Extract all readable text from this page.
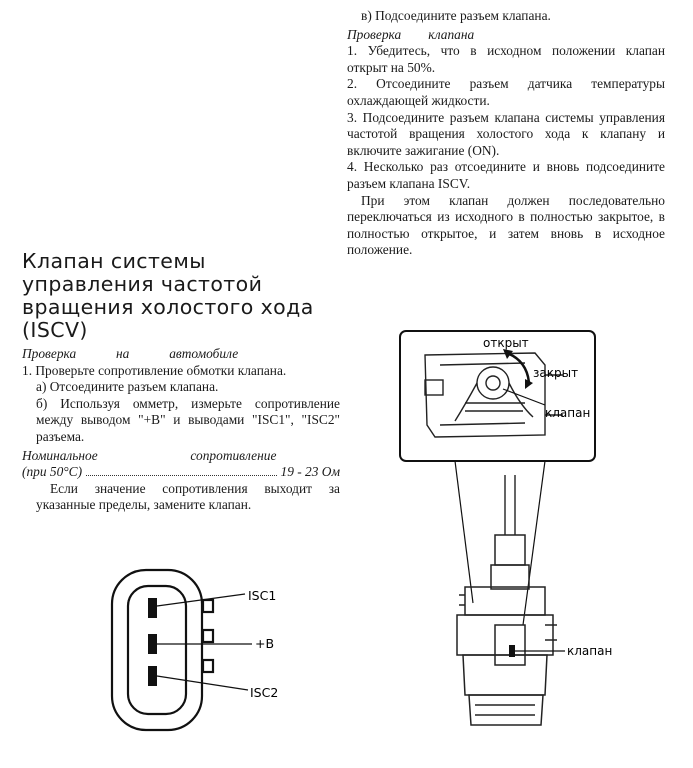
в) Подсоедините разъем клапана.

Проверка клапана

1. Убедитесь, что в исходном положении клапан открыт на 50%.

2. Отсоедините разъем датчика температуры охлаждающей жидкости.

3. Подсоедините разъем клапана системы управления частотой вращения холостого хода к клапану и включите зажигание (ON).

4. Несколько раз отсоедините и вновь подсоедините разъем клапана ISCV.

При этом клапан должен последовательно переключаться из исходного в полностью закрытое, в полностью открытое, и затем вновь в исходное положение.

Клапан системы управления частотой вращения холостого хода (ISCV)
Проверка	на	автомобиле

1. Проверьте сопротивление обмотки клапана.

а) Отсоедините разъем клапана.

б) Используя омметр, измерьте сопротивление между выводом "+B" и выводами "ISC1", "ISC2" разъема.

Номинальное	сопротивление
(при 50°С)	19 - 23 Ом

Если значение сопротивления выходит за указанные пределы, замените клапан.

ISC1
+B
ISC2
открыт
закрыт
клапан
клапан
